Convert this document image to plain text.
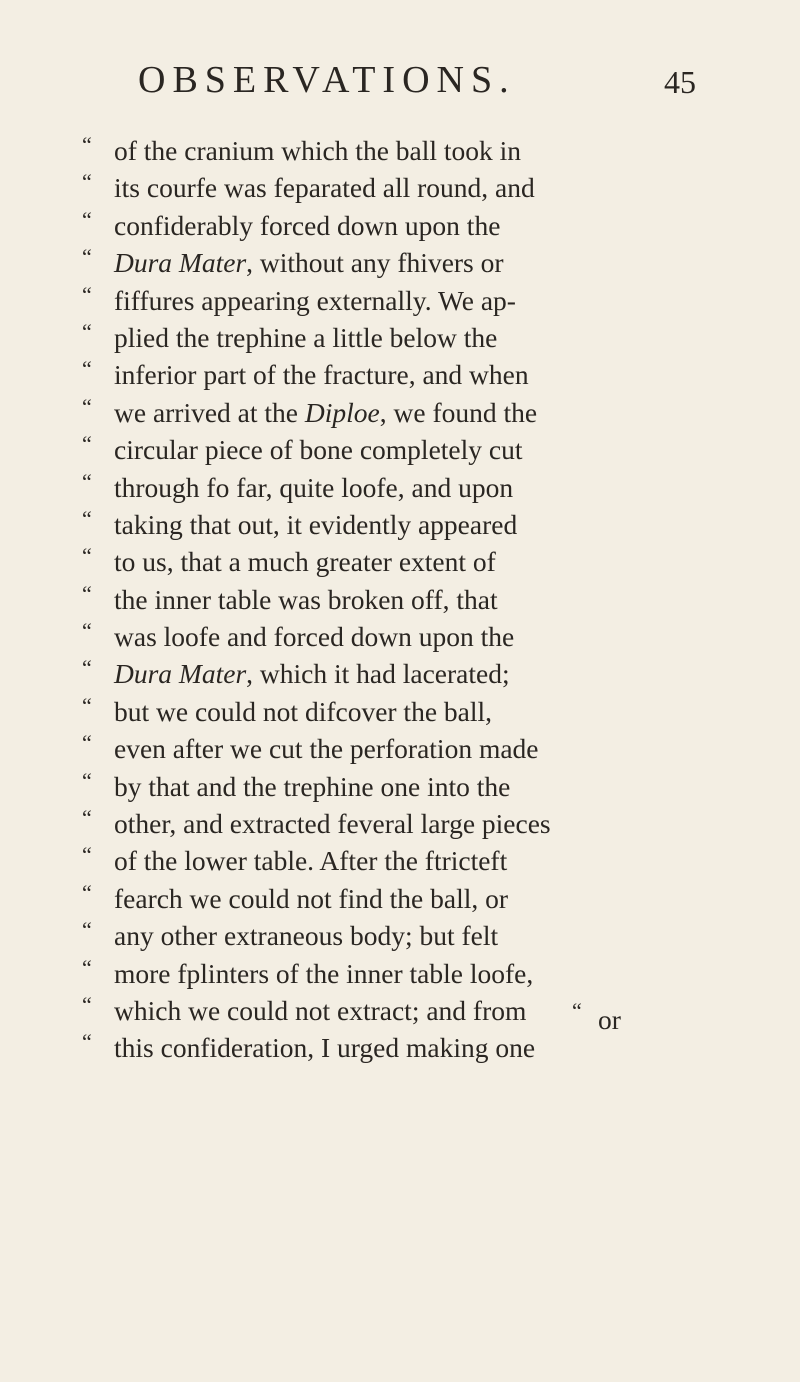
OBSERVATIONS.	45
“ of the cranium which the ball took in
“ its courfe was feparated all round, and
“ confiderably forced down upon the
“ Dura Mater, without any fhivers or
“ fiffures appearing externally. We ap-
“ plied the trephine a little below the
“ inferior part of the fracture, and when
“ we arrived at the Diploe, we found the
“ circular piece of bone completely cut
“ through fo far, quite loofe, and upon
“ taking that out, it evidently appeared
“ to us, that a much greater extent of
“ the inner table was broken off, that
“ was loofe and forced down upon the
“ Dura Mater, which it had lacerated;
“ but we could not difcover the ball,
“ even after we cut the perforation made
“ by that and the trephine one into the
“ other, and extracted feveral large pieces
“ of the lower table. After the ftricteft
“ fearch we could not find the ball, or
“ any other extraneous body; but felt
“ more fplinters of the inner table loofe,
“ which we could not extract; and from
“ this confideration, I urged making one
“ or
